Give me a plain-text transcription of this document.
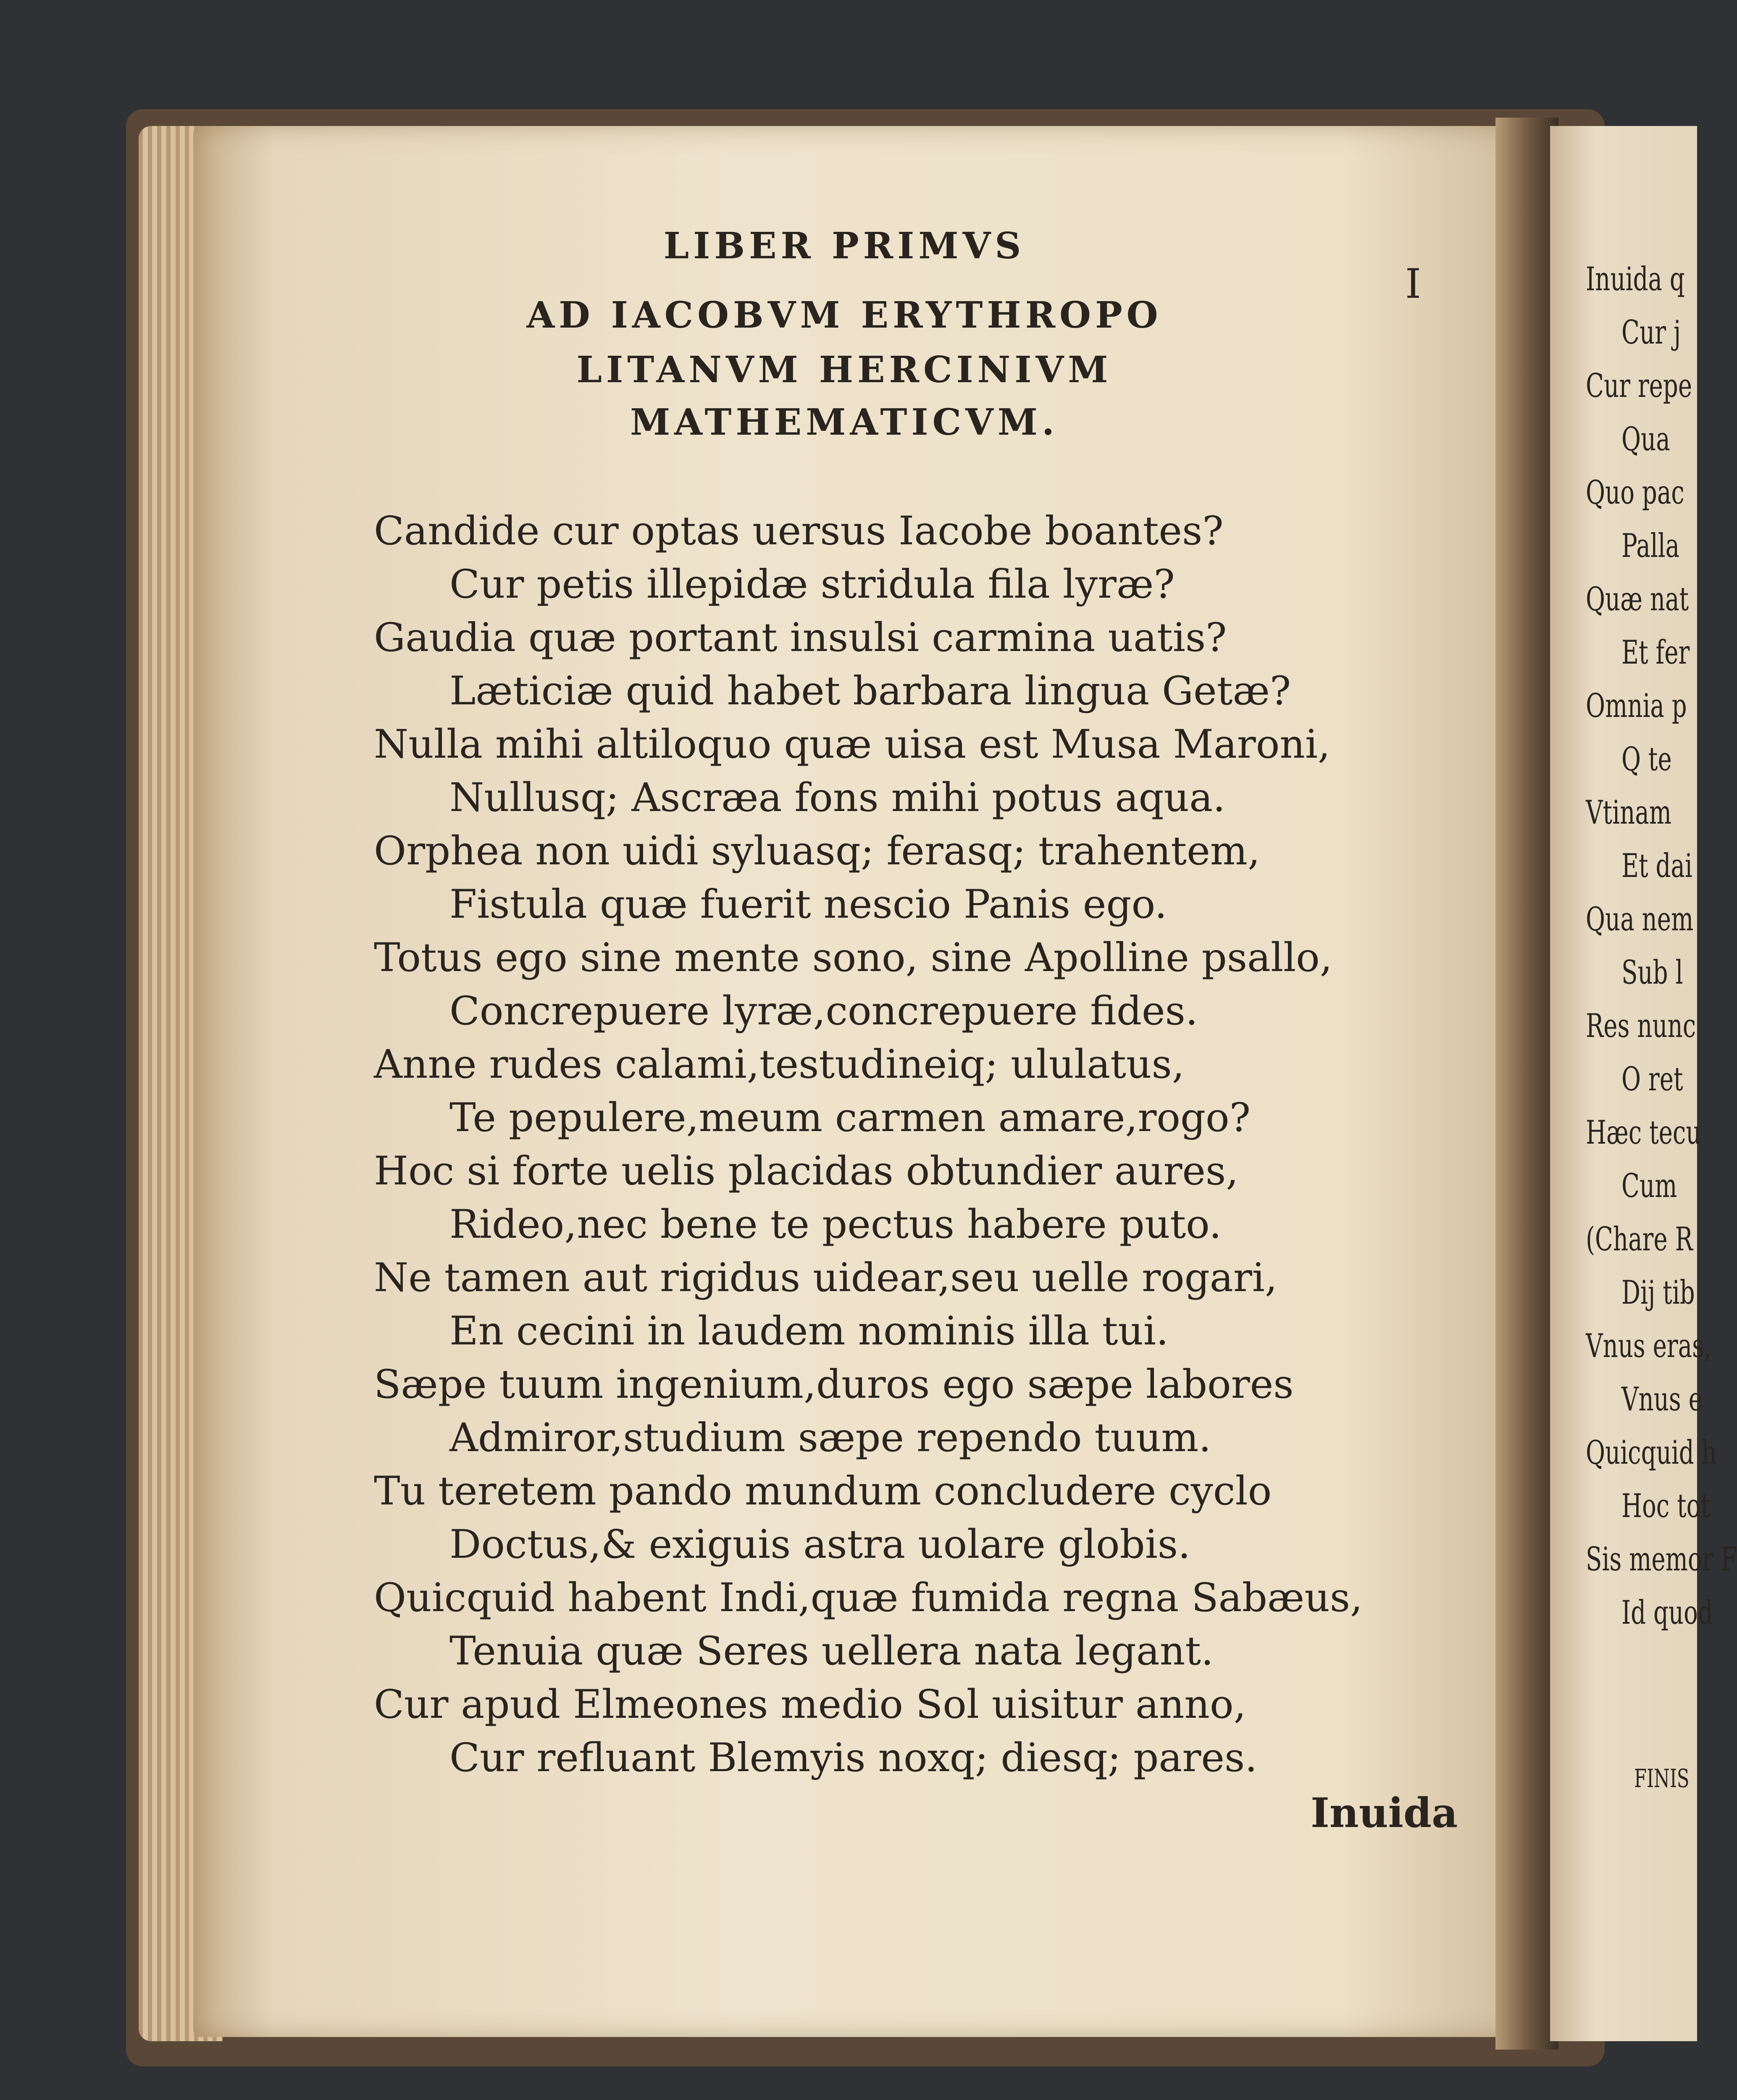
LIBER PRIMVS
AD IACOBVM ERYTHROPO
LITANVM HERCINIVM
MATHEMATICVM.
I
Candide cur optas uersus Iacobe boantes?
Cur petis illepidæ stridula fila lyræ?
Gaudia quæ portant insulsi carmina uatis?
Læticiæ quid habet barbara lingua Getæ?
Nulla mihi altiloquo quæ uisa est Musa Maroni,
Nullusq; Ascræa fons mihi potus aqua.
Orphea non uidi syluasq; ferasq; trahentem,
Fistula quæ fuerit nescio Panis ego.
Totus ego sine mente sono, sine Apolline psallo,
Concrepuere lyræ,concrepuere fides.
Anne rudes calami,testudineiq; ululatus,
Te pepulere,meum carmen amare,rogo?
Hoc si forte uelis placidas obtundier aures,
Rideo,nec bene te pectus habere puto.
Ne tamen aut rigidus uidear,seu uelle rogari,
En cecini in laudem nominis illa tui.
Sæpe tuum ingenium,duros ego sæpe labores
Admiror,studium sæpe rependo tuum.
Tu teretem pando mundum concludere cyclo
Doctus,& exiguis astra uolare globis.
Quicquid habent Indi,quæ fumida regna Sabæus,
Tenuia quæ Seres uellera nata legant.
Cur apud Elmeones medio Sol uisitur anno,
Cur refluant Blemyis noxq; diesq; pares.
Inuida q
Cur j
Cur repe
Qua
Quo pac
Palla
Quæ nat
Et fer
Omnia p
Q te
Vtinam
Et dai
Qua nem
Sub l
Res nunc
O ret
Hæc tecu
Cum
(Chare R
Dij tib
Vnus eras,
Vnus e
Quicquid h
Hoc tot
Sis memor F
Id quod
FINIS
Inuida
